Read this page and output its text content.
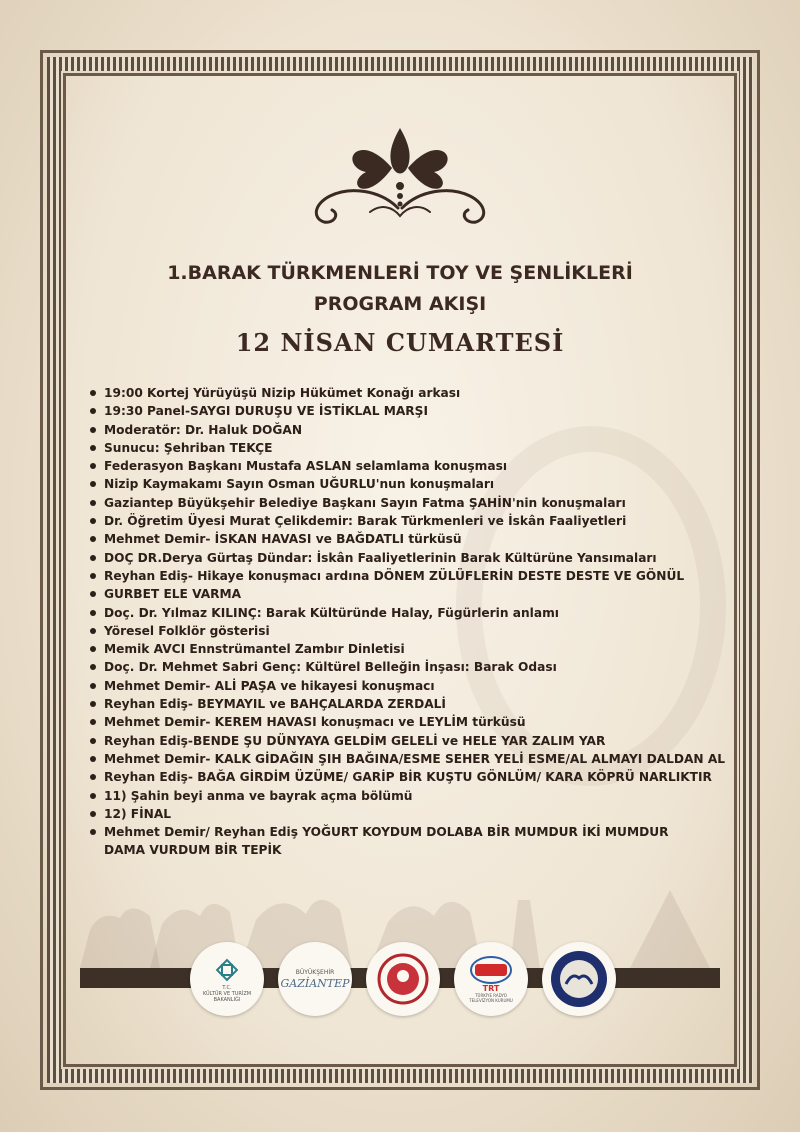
1.BARAK TÜRKMENLERİ TOY VE ŞENLİKLERİ
PROGRAM AKIŞI
12 NİSAN CUMARTESİ
19:00 Kortej Yürüyüşü Nizip Hükümet Konağı arkası
19:30 Panel-SAYGI DURUŞU VE İSTİKLAL MARŞI
Moderatör: Dr. Haluk DOĞAN
Sunucu: Şehriban TEKÇE
Federasyon Başkanı Mustafa ASLAN selamlama konuşması
Nizip Kaymakamı Sayın Osman UĞURLU'nun konuşmaları
Gaziantep Büyükşehir Belediye Başkanı Sayın Fatma ŞAHİN'nin konuşmaları
Dr. Öğretim Üyesi Murat Çelikdemir: Barak Türkmenleri ve İskân Faaliyetleri
Mehmet Demir- İSKAN HAVASI ve BAĞDATLI türküsü
DOÇ DR.Derya Gürtaş Dündar: İskân Faaliyetlerinin Barak Kültürüne Yansımaları
Reyhan Ediş- Hikaye konuşmacı ardına DÖNEM ZÜLÜFLERİN DESTE DESTE VE GÖNÜL
GURBET ELE VARMA
Doç. Dr. Yılmaz KILINÇ: Barak Kültüründe Halay, Fügürlerin anlamı
Yöresel Folklör gösterisi
Memik AVCI Ennstrümantel Zambır Dinletisi
Doç. Dr. Mehmet Sabri Genç: Kültürel Belleğin İnşası: Barak Odası
Mehmet Demir- ALİ PAŞA ve hikayesi konuşmacı
Reyhan Ediş- BEYMAYIL ve BAHÇALARDA ZERDALİ
Mehmet Demir- KEREM HAVASI konuşmacı ve LEYLİM türküsü
Reyhan Ediş-BENDE ŞU DÜNYAYA GELDİM GELELİ ve HELE YAR ZALIM YAR
Mehmet Demir- KALK GİDAĞIN ŞIH BAĞINA/ESME SEHER YELİ ESME/AL ALMAYI DALDAN AL
Reyhan Ediş- BAĞA GİRDİM ÜZÜME/ GARİP BİR KUŞTU GÖNLÜM/ KARA KÖPRÜ NARLIKTIR
11) Şahin beyi anma ve bayrak açma bölümü
12) FİNAL
Mehmet Demir/ Reyhan Ediş YOĞURT KOYDUM DOLABA BİR MUMDUR İKİ MUMDUR
DAMA VURDUM BİR TEPİK
T.C.
KÜLTÜR VE TURİZM BAKANLIĞI
BÜYÜKŞEHİR
GAZİANTEP	TRT
TÜRKİYE RADYO TELEVİZYON KURUMU
